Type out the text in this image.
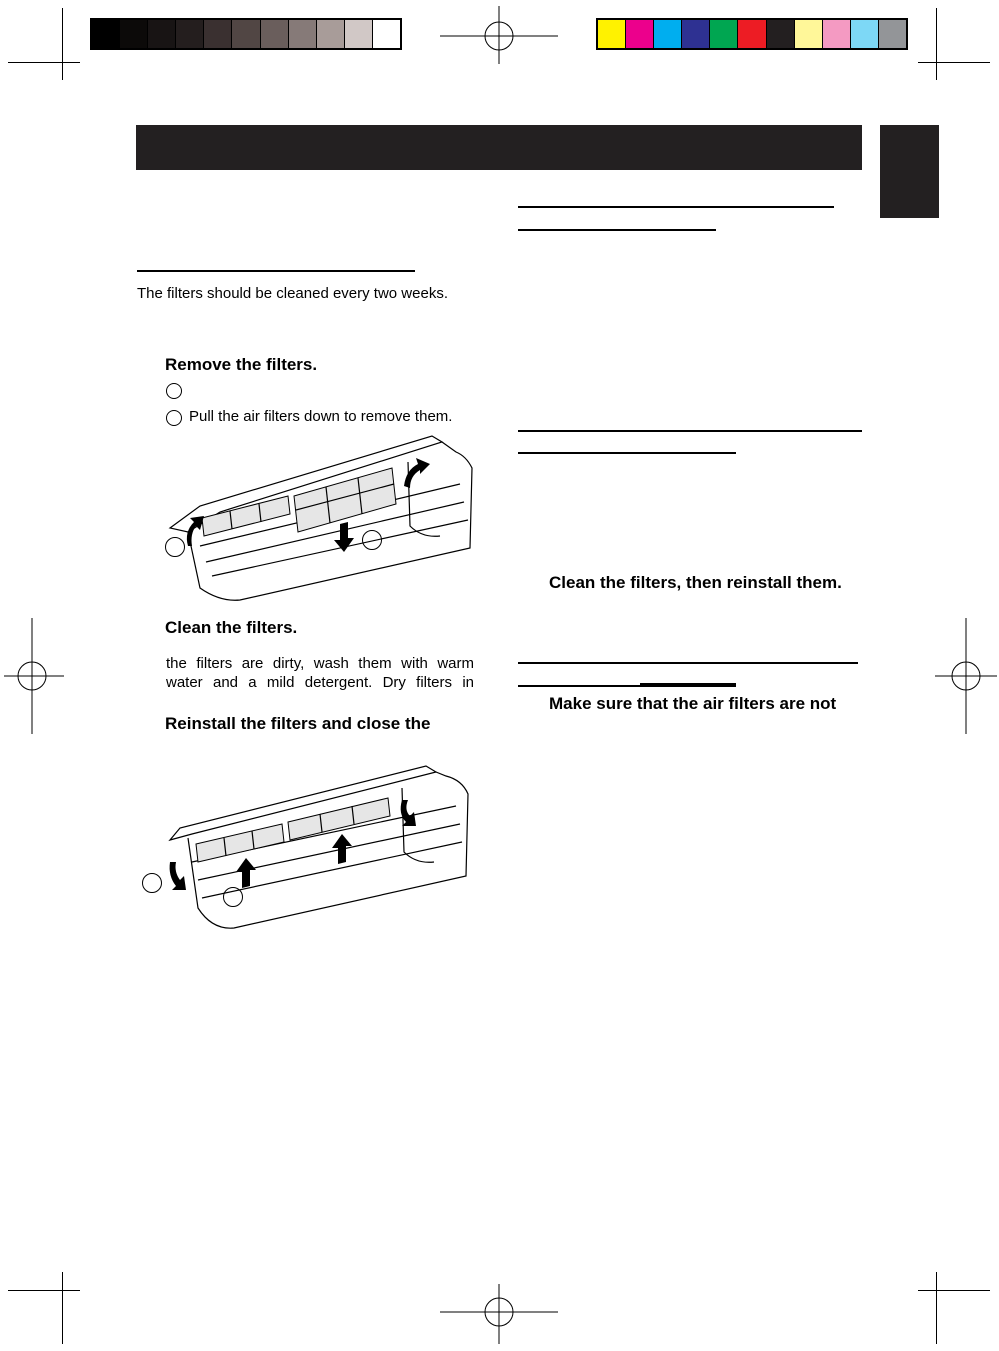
The filters should be cleaned every two weeks.
Remove the filters.
Pull the air filters down to remove them.
Clean the filters.
the filters are dirty, wash them with warm
water and a mild detergent. Dry filters in
Reinstall the filters and close the
Clean the filters, then reinstall them.
Make sure that the air filters are not
